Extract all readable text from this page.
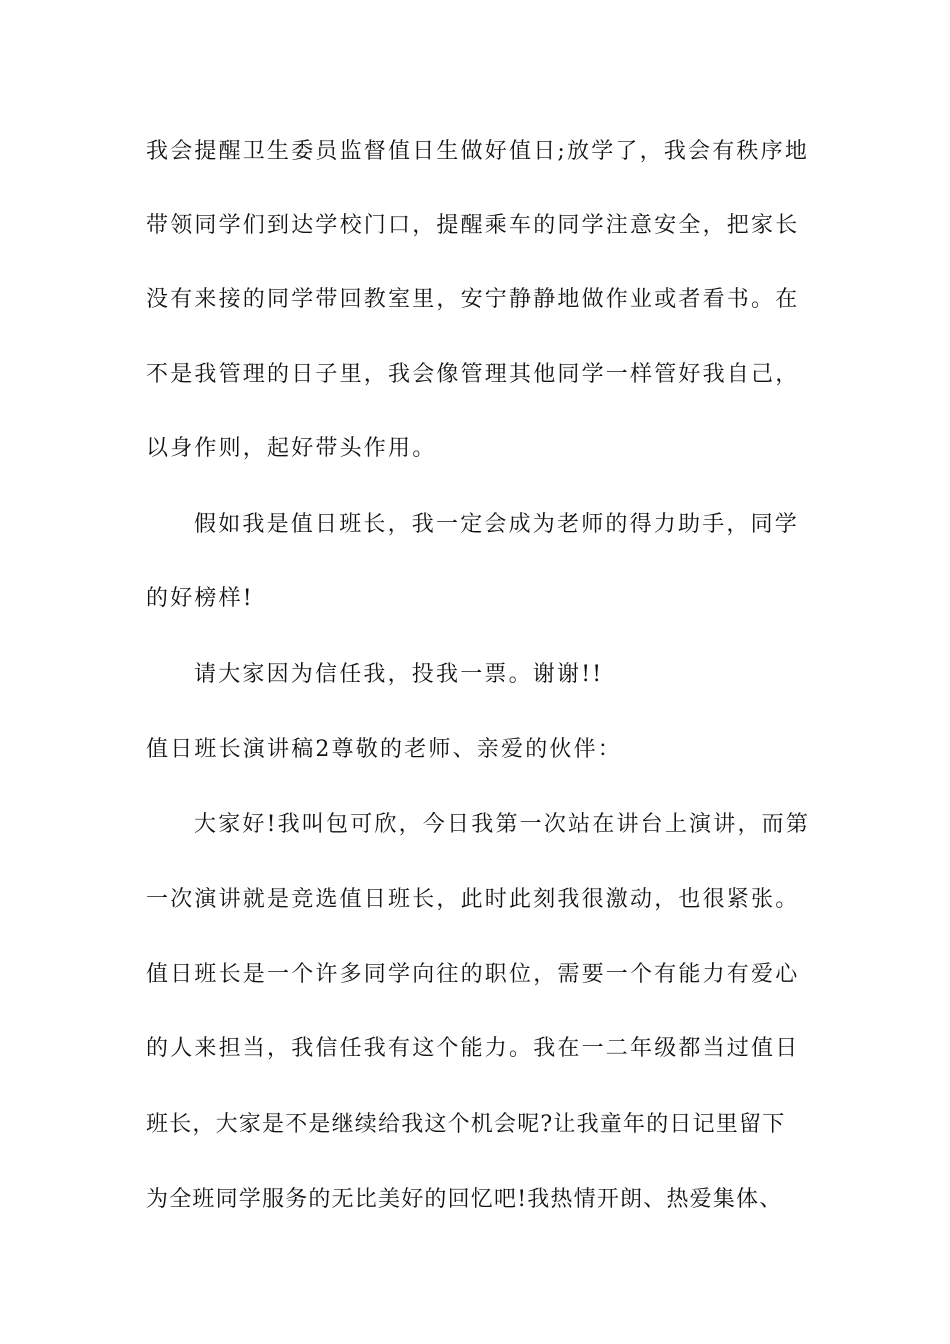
我会提醒卫生委员监督值日生做好值日;放学了，我会有秩序地
带领同学们到达学校门口，提醒乘车的同学注意安全，把家长
没有来接的同学带回教室里，安宁静静地做作业或者看书。在
不是我管理的日子里，我会像管理其他同学一样管好我自己，
以身作则，起好带头作用。
假如我是值日班长，我一定会成为老师的得力助手，同学
的好榜样!
请大家因为信任我，投我一票。谢谢!!
值日班长演讲稿2尊敬的老师、亲爱的伙伴：
大家好!我叫包可欣，今日我第一次站在讲台上演讲，而第
一次演讲就是竞选值日班长，此时此刻我很激动，也很紧张。
值日班长是一个许多同学向往的职位，需要一个有能力有爱心
的人来担当，我信任我有这个能力。我在一二年级都当过值日
班长，大家是不是继续给我这个机会呢?让我童年的日记里留下
为全班同学服务的无比美好的回忆吧!我热情开朗、热爱集体、
